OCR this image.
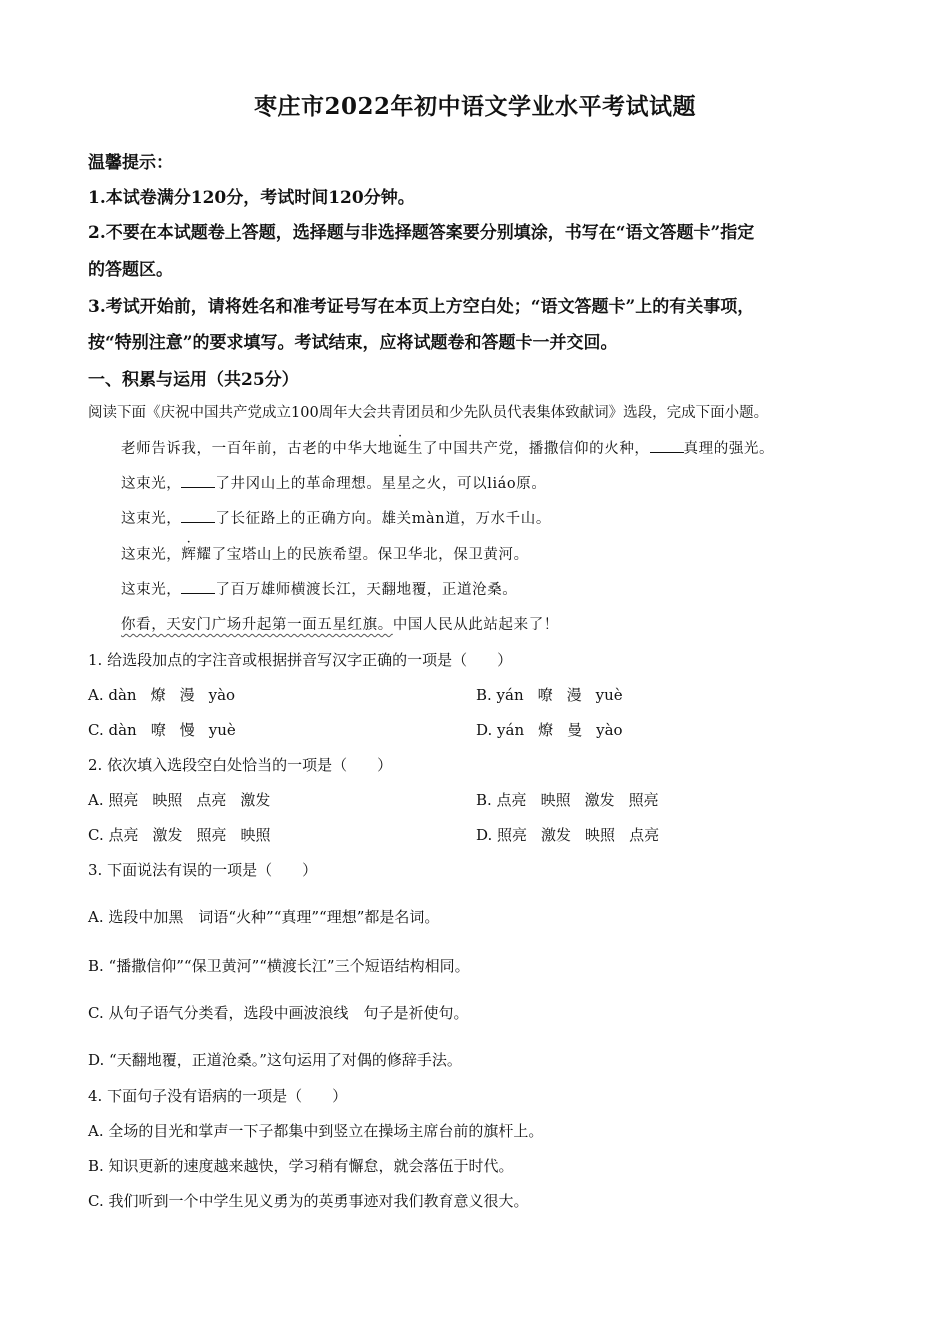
枣庄市2022年初中语文学业水平考试试题
温馨提示：
1.本试卷满分120分，考试时间120分钟。
2.不要在本试题卷上答题，选择题与非选择题答案要分别填涂，书写在“语文答题卡”指定
的答题区。
3.考试开始前，请将姓名和准考证号写在本页上方空白处；“语文答题卡”上的有关事项，
按“特别注意”的要求填写。考试结束，应将试题卷和答题卡一并交回。
一、积累与运用（共25分）
阅读下面《庆祝中国共产党成立100周年大会共青团员和少先队员代表集体致献词》选段，完成下面小题。
老师告诉我，一百年前，古老的中华大地诞生了中国共产党，播撒信仰的火种， 真理的强光。
这束光， 了井冈山上的革命理想。星星之火，可以liáo原。
这束光， 了长征路上的正确方向。雄关màn道，万水千山。
这束光，辉耀了宝塔山上的民族希望。保卫华北，保卫黄河。
这束光， 了百万雄师横渡长江，天翻地覆，正道沧桑。
你看，天安门广场升起第一面五星红旗。中国人民从此站起来了！
1. 给选段加点的字注音或根据拼音写汉字正确的一项是（　　）
A. dàn 燎 漫 yào	B. yán 嘹 漫 yuè
C. dàn 嘹 慢 yuè	D. yán 燎 曼 yào
2. 依次填入选段空白处恰当的一项是（　　）
A. 照亮 映照 点亮 激发	B. 点亮 映照 激发 照亮
C. 点亮 激发 照亮 映照	D. 照亮 激发 映照 点亮
3. 下面说法有误的一项是（　　）
A. 选段中加黑　词语“火种”“真理”“理想”都是名词。
B. “播撒信仰”“保卫黄河”“横渡长江”三个短语结构相同。
C. 从句子语气分类看，选段中画波浪线　句子是祈使句。
D. “天翻地覆，正道沧桑。”这句运用了对偶的修辞手法。
4. 下面句子没有语病的一项是（　　）
A. 全场的目光和掌声一下子都集中到竖立在操场主席台前的旗杆上。
B. 知识更新的速度越来越快，学习稍有懈怠，就会落伍于时代。
C. 我们听到一个中学生见义勇为的英勇事迹对我们教育意义很大。
